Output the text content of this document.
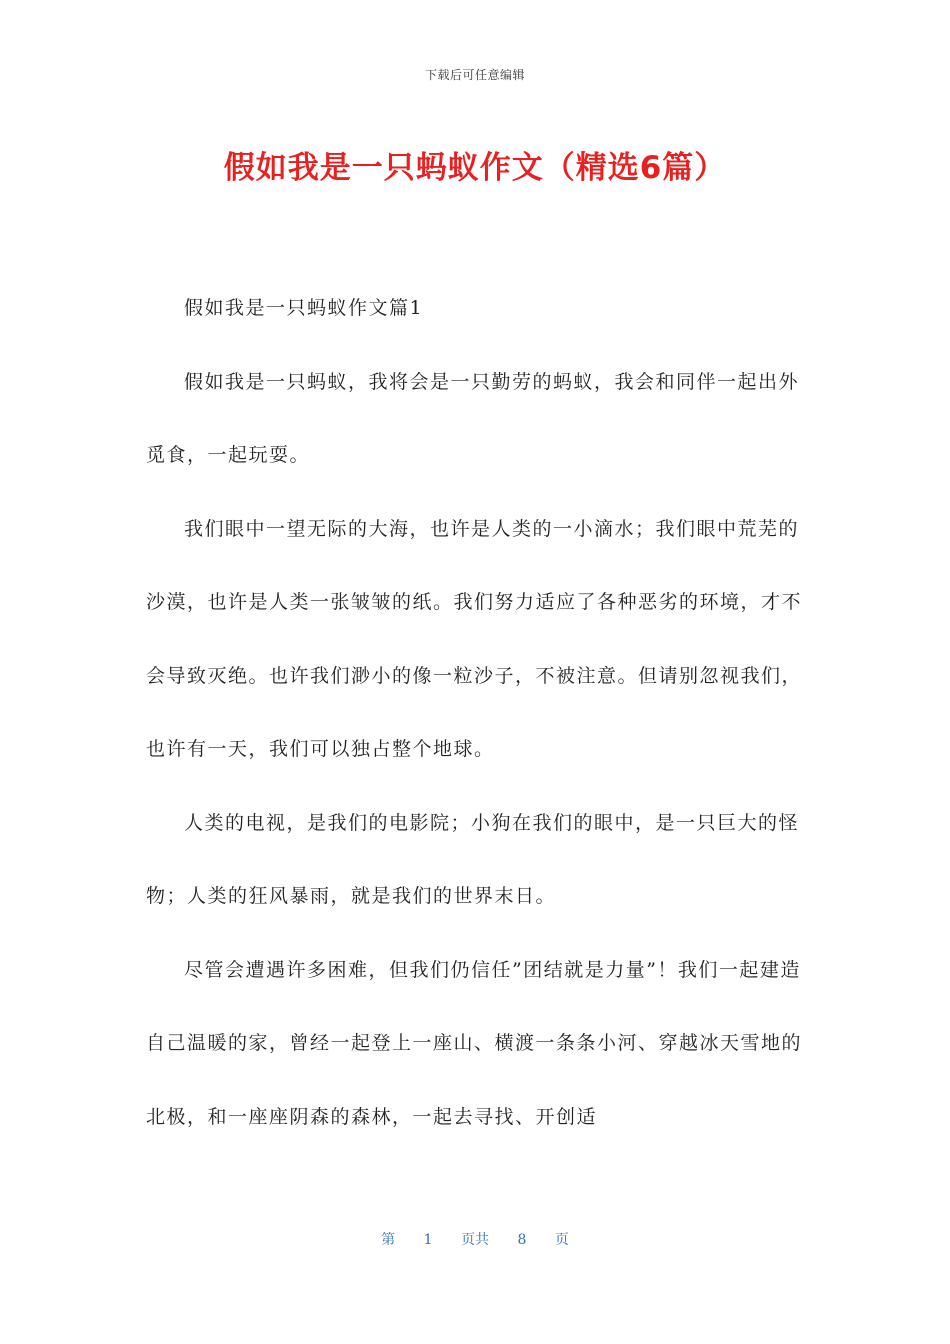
下载后可任意编辑
假如我是一只蚂蚁作文（精选6篇）

假如我是一只蚂蚁作文篇1

假如我是一只蚂蚁，我将会是一只勤劳的蚂蚁，我会和同伴一起出外觅食，一起玩耍。

我们眼中一望无际的大海，也许是人类的一小滴水；我们眼中荒芜的沙漠，也许是人类一张皱皱的纸。我们努力适应了各种恶劣的环境，才不会导致灭绝。也许我们渺小的像一粒沙子，不被注意。但请别忽视我们，也许有一天，我们可以独占整个地球。

人类的电视，是我们的电影院；小狗在我们的眼中，是一只巨大的怪物；人类的狂风暴雨，就是我们的世界末日。

尽管会遭遇许多困难，但我们仍信任”团结就是力量”！我们一起建造自己温暖的家，曾经一起登上一座山、横渡一条条小河、穿越冰天雪地的北极，和一座座阴森的森林，一起去寻找、开创适

第 1 页共 8 页
